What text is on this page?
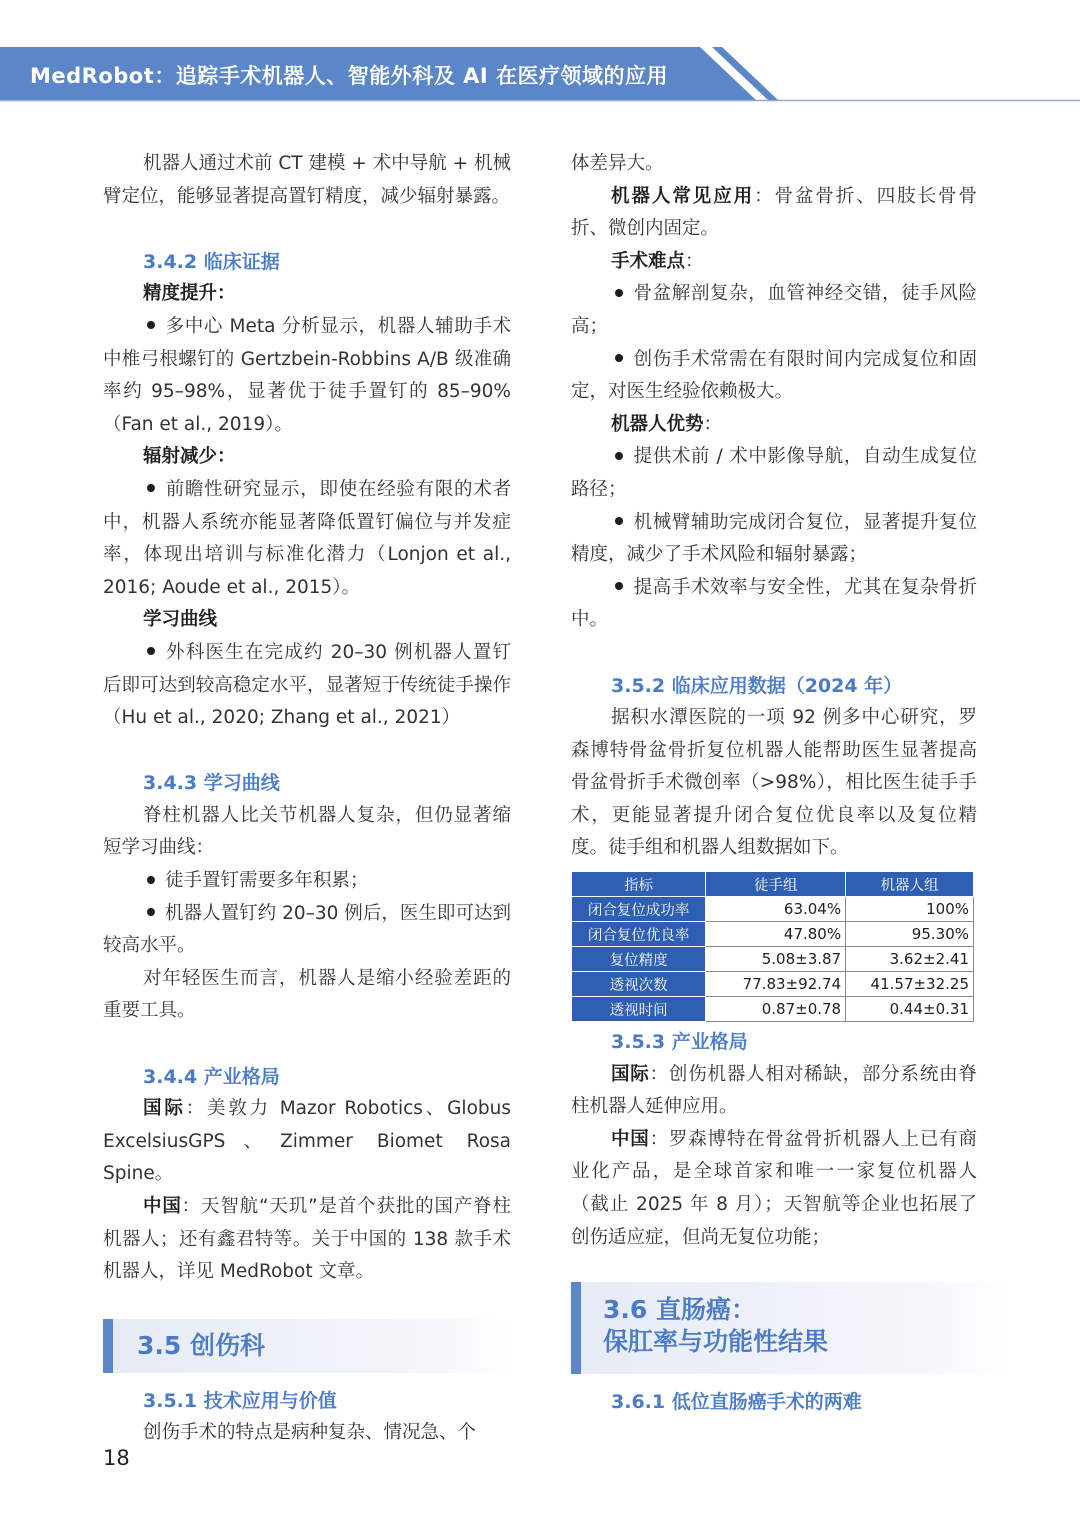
MedRobot：追踪手术机器人、智能外科及 AI 在医疗领域的应用

机器人通过术前 CT 建模 + 术中导航 + 机械臂定位，能够显著提高置钉精度，减少辐射暴露。

3.4.2 临床证据

精度提升：

多中心 Meta 分析显示，机器人辅助手术中椎弓根螺钉的 Gertzbein-Robbins A/B 级准确率约 95–98%，显著优于徒手置钉的 85–90%（Fan et al., 2019）。

辐射减少：

前瞻性研究显示，即使在经验有限的术者中，机器人系统亦能显著降低置钉偏位与并发症率，体现出培训与标准化潜力（Lonjon et al., 2016; Aoude et al., 2015）。

学习曲线

外科医生在完成约 20–30 例机器人置钉 后即可达到较高稳定水平，显著短于传统徒手操作（Hu et al., 2020; Zhang et al., 2021）

3.4.3 学习曲线

脊柱机器人比关节机器人复杂，但仍显著缩短学习曲线：

徒手置钉需要多年积累；

机器人置钉约 20–30 例后，医生即可达到较高水平。

对年轻医生而言，机器人是缩小经验差距的重要工具。

3.4.4 产业格局

国际：美敦力 Mazor Robotics、Globus ExcelsiusGPS、Zimmer Biomet Rosa Spine。

中国：天智航“天玑”是首个获批的国产脊柱机器人；还有鑫君特等。关于中国的 138 款手术机器人，详见 MedRobot 文章。

3.5 创伤科
3.5.1 技术应用与价值

创伤手术的特点是病种复杂、情况急、个

体差异大。

机器人常见应用：骨盆骨折、四肢长骨骨折、微创内固定。

手术难点：

骨盆解剖复杂，血管神经交错，徒手风险高；

创伤手术常需在有限时间内完成复位和固定，对医生经验依赖极大。

机器人优势：

提供术前 / 术中影像导航，自动生成复位路径；

机械臂辅助完成闭合复位，显著提升复位精度，减少了手术风险和辐射暴露；

提高手术效率与安全性，尤其在复杂骨折中。

3.5.2 临床应用数据（2024 年）

据积水潭医院的一项 92 例多中心研究，罗森博特骨盆骨折复位机器人能帮助医生显著提高骨盆骨折手术微创率（>98%），相比医生徒手手术，更能显著提升闭合复位优良率以及复位精度。徒手组和机器人组数据如下。

指标	徒手组	机器人组
闭合复位成功率	63.04%	100%
闭合复位优良率	47.80%	95.30%
复位精度	5.08±3.87	3.62±2.41
透视次数	77.83±92.74	41.57±32.25
透视时间	0.87±0.78	0.44±0.31
3.5.3 产业格局

国际：创伤机器人相对稀缺，部分系统由脊柱机器人延伸应用。

中国：罗森博特在骨盆骨折机器人上已有商业化产品，是全球首家和唯一一家复位机器人（截止 2025 年 8 月）；天智航等企业也拓展了创伤适应症，但尚无复位功能；

3.6 直肠癌：
保肛率与功能性结果
3.6.1 低位直肠癌手术的两难

18
